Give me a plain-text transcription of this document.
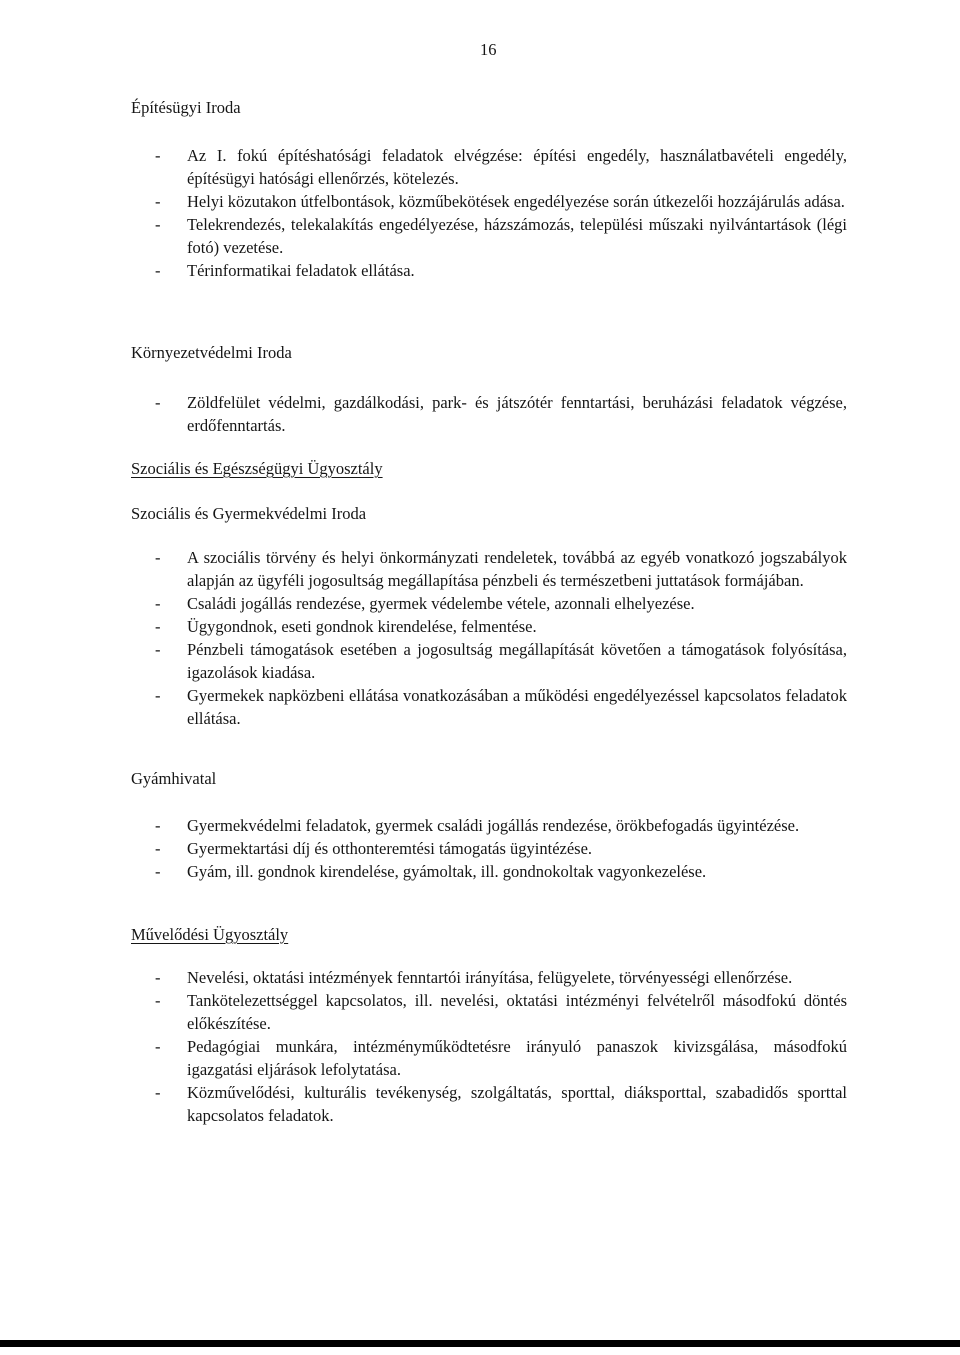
16
Építésügyi Iroda
- Az I. fokú építéshatósági feladatok elvégzése: építési engedély, használatbavételi engedély, építésügyi hatósági ellenőrzés, kötelezés.
- Helyi közutakon útfelbontások, közműbekötések engedélyezése során útkezelői hozzájárulás adása.
- Telekrendezés, telekalakítás engedélyezése, házszámozás, települési műszaki nyilvántartások (légi fotó) vezetése.
- Térinformatikai feladatok ellátása.
Környezetvédelmi Iroda
- Zöldfelület védelmi, gazdálkodási, park- és játszótér fenntartási, beruházási feladatok végzése, erdőfenntartás.
Szociális és Egészségügyi Ügyosztály
Szociális és Gyermekvédelmi Iroda
- A szociális törvény és helyi önkormányzati rendeletek, továbbá az egyéb vonatkozó jogszabályok alapján az ügyféli jogosultság megállapítása pénzbeli és természetbeni juttatások formájában.
- Családi jogállás rendezése, gyermek védelembe vétele, azonnali elhelyezése.
- Ügygondnok, eseti gondnok kirendelése, felmentése.
- Pénzbeli támogatások esetében a jogosultság megállapítását követően a támogatások folyósítása, igazolások kiadása.
- Gyermekek napközbeni ellátása vonatkozásában a működési engedélyezéssel kapcsolatos feladatok ellátása.
Gyámhivatal
- Gyermekvédelmi feladatok, gyermek családi jogállás rendezése, örökbefogadás ügyintézése.
- Gyermektartási díj és otthonteremtési támogatás ügyintézése.
- Gyám, ill. gondnok kirendelése, gyámoltak, ill. gondnokoltak vagyonkezelése.
Művelődési Ügyosztály
- Nevelési, oktatási intézmények fenntartói irányítása, felügyelete, törvényességi ellenőrzése.
- Tankötelezettséggel kapcsolatos, ill. nevelési, oktatási intézményi felvételről másodfokú döntés előkészítése.
- Pedagógiai munkára, intézményműködtetésre irányuló panaszok kivizsgálása, másodfokú igazgatási eljárások lefolytatása.
- Közművelődési, kulturális tevékenység, szolgáltatás, sporttal, diáksporttal, szabadidős sporttal kapcsolatos feladatok.
